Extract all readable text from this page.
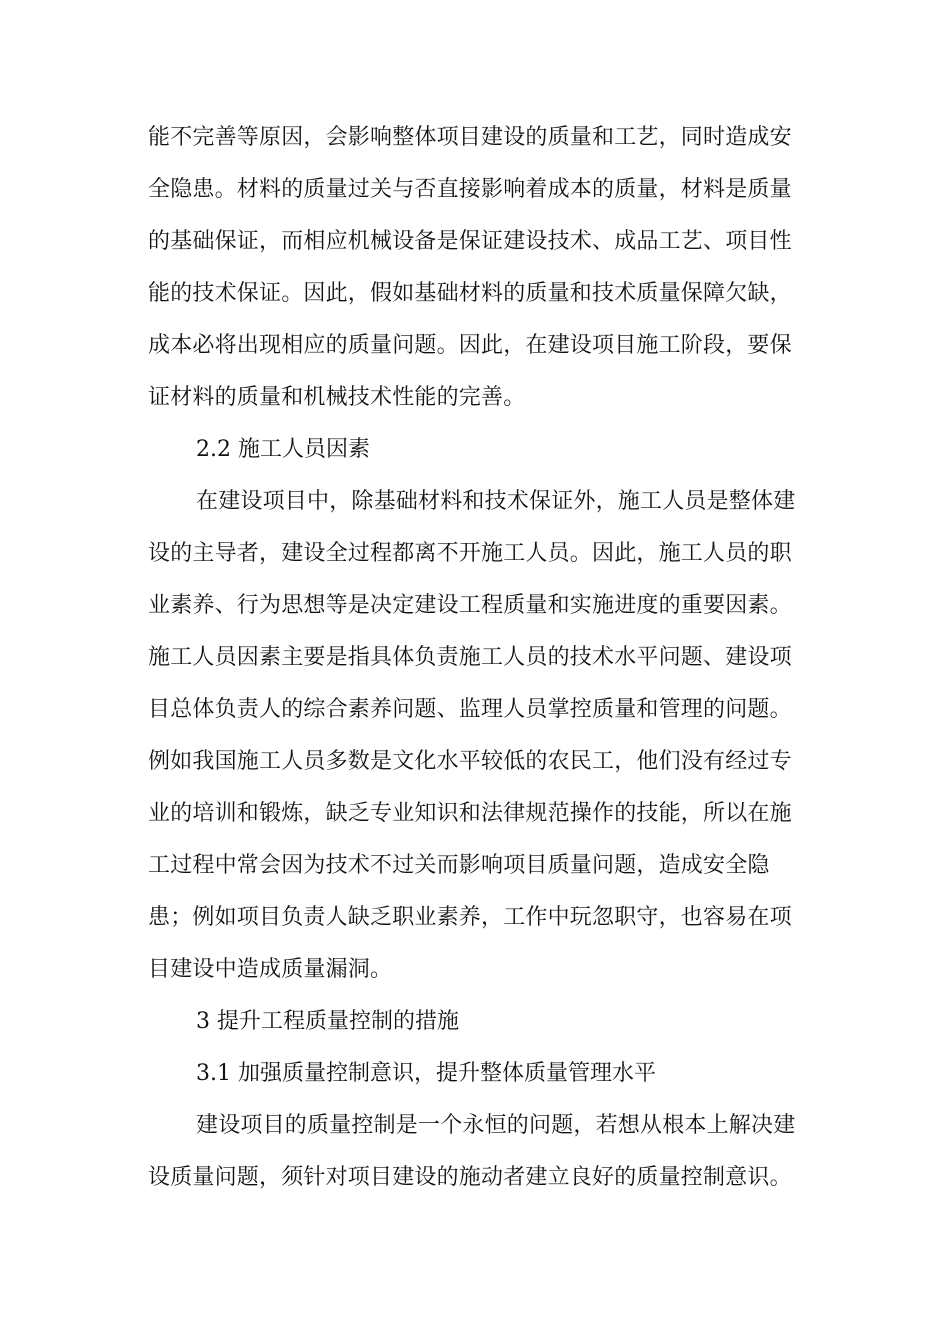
能不完善等原因，会影响整体项目建设的质量和工艺，同时造成安
全隐患。材料的质量过关与否直接影响着成本的质量，材料是质量
的基础保证，而相应机械设备是保证建设技术、成品工艺、项目性
能的技术保证。因此，假如基础材料的质量和技术质量保障欠缺，
成本必将出现相应的质量问题。因此，在建设项目施工阶段，要保
证材料的质量和机械技术性能的完善。
2.2 施工人员因素
在建设项目中，除基础材料和技术保证外，施工人员是整体建
设的主导者，建设全过程都离不开施工人员。因此，施工人员的职
业素养、行为思想等是决定建设工程质量和实施进度的重要因素。
施工人员因素主要是指具体负责施工人员的技术水平问题、建设项
目总体负责人的综合素养问题、监理人员掌控质量和管理的问题。
例如我国施工人员多数是文化水平较低的农民工，他们没有经过专
业的培训和锻炼，缺乏专业知识和法律规范操作的技能，所以在施
工过程中常会因为技术不过关而影响项目质量问题，造成安全隐
患；例如项目负责人缺乏职业素养，工作中玩忽职守，也容易在项
目建设中造成质量漏洞。
3 提升工程质量控制的措施
3.1 加强质量控制意识，提升整体质量管理水平
建设项目的质量控制是一个永恒的问题，若想从根本上解决建
设质量问题，须针对项目建设的施动者建立良好的质量控制意识。
